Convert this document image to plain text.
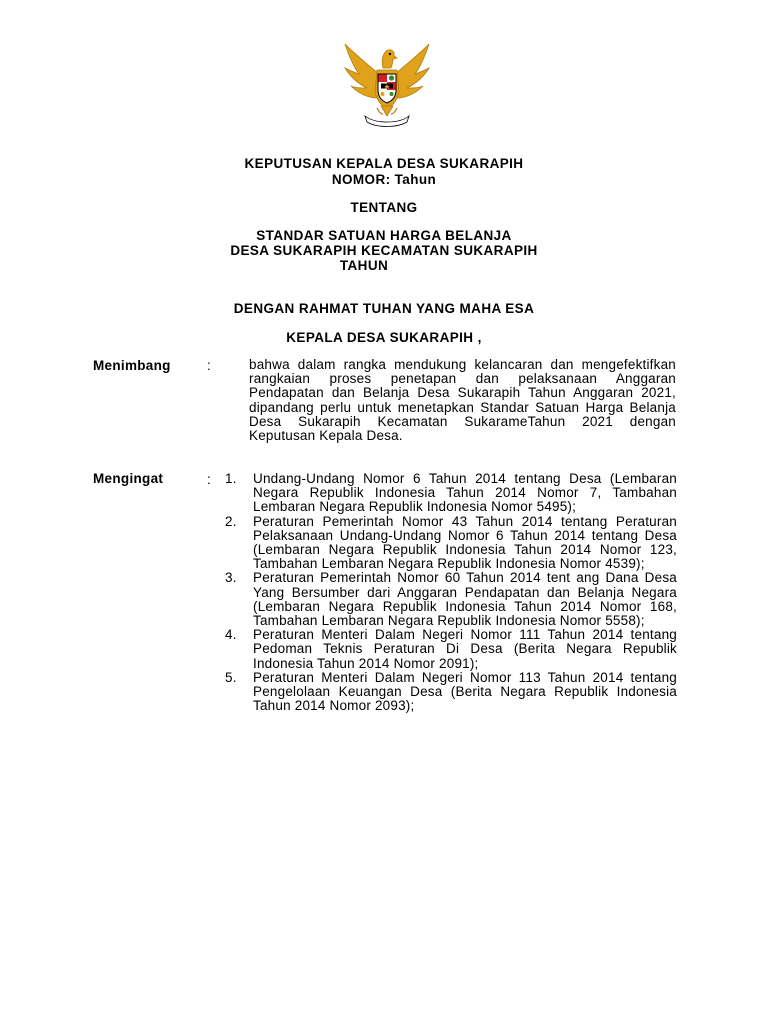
KEPUTUSAN KEPALA DESA SUKARAPIH
NOMOR: Tahun
TENTANG
STANDAR SATUAN HARGA BELANJA
DESA SUKARAPIH KECAMATAN SUKARAPIH
TAHUN
DENGAN RAHMAT TUHAN YANG MAHA ESA
KEPALA DESA SUKARAPIH ,
Menimbang	:	bahwa dalam rangka mendukung kelancaran dan mengefektifkan rangkaian proses penetapan dan pelaksanaan Anggaran Pendapatan dan Belanja Desa Sukarapih Tahun Anggaran 2021, dipandang perlu untuk menetapkan Standar Satuan Harga Belanja Desa Sukarapih Kecamatan SukarameTahun 2021 dengan Keputusan Kepala Desa.
Mengingat	: 1.	Undang-Undang Nomor 6 Tahun 2014 tentang Desa (Lembaran Negara Republik Indonesia Tahun 2014 Nomor 7, Tambahan Lembaran Negara Republik Indonesia Nomor 5495);
2.	Peraturan Pemerintah Nomor 43 Tahun 2014 tentang Peraturan Pelaksanaan Undang-Undang Nomor 6 Tahun 2014 tentang Desa (Lembaran Negara Republik Indonesia Tahun 2014 Nomor 123, Tambahan Lembaran Negara Republik Indonesia Nomor 4539);
3.	Peraturan Pemerintah Nomor 60 Tahun 2014 tent ang Dana Desa Yang Bersumber dari Anggaran Pendapatan dan Belanja Negara (Lembaran Negara Republik Indonesia Tahun 2014 Nomor 168, Tambahan Lembaran Negara Republik Indonesia Nomor 5558);
4.	Peraturan Menteri Dalam Negeri Nomor 111 Tahun 2014 tentang Pedoman Teknis Peraturan Di Desa (Berita Negara Republik Indonesia Tahun 2014 Nomor 2091);
5.	Peraturan Menteri Dalam Negeri Nomor 113 Tahun 2014 tentang Pengelolaan Keuangan Desa (Berita Negara Republik Indonesia Tahun 2014 Nomor 2093);
